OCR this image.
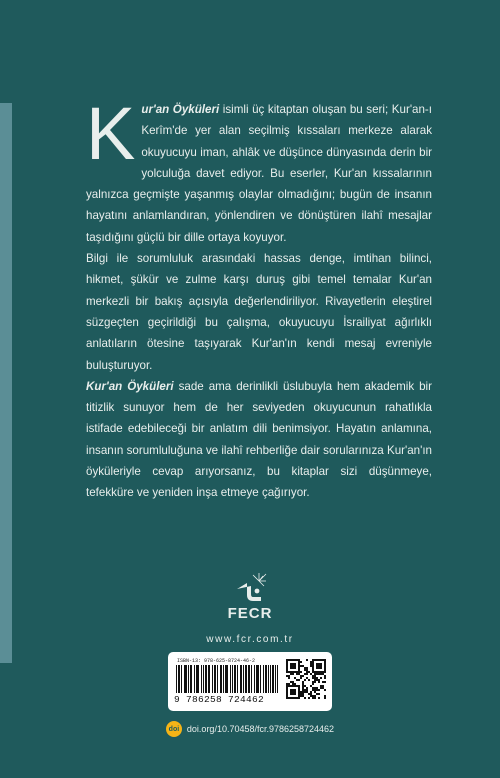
Kur'an Öyküleri isimli üç kitaptan oluşan bu seri; Kur'an-ı Kerîm'de yer alan seçilmiş kıssaları merkeze alarak okuyucuyu iman, ahlâk ve düşünce dünyasında derin bir yolculuğa davet ediyor. Bu eserler, Kur'an kıssalarının yalnızca geçmişte yaşanmış olaylar olmadığını; bugün de insanın hayatını anlamlandıran, yönlendiren ve dönüştüren ilahî mesajlar taşıdığını güçlü bir dille ortaya koyuyor.

Bilgi ile sorumluluk arasındaki hassas denge, imtihan bilinci, hikmet, şükür ve zulme karşı duruş gibi temel temalar Kur'an merkezli bir bakış açısıyla değerlendiriliyor. Rivayetlerin eleştirel süzgeçten geçirildiği bu çalışma, okuyucuyu İsrailiyat ağırlıklı anlatıların ötesine taşıyarak Kur'an'ın kendi mesaj evreniyle buluşturuyor.

Kur'an Öyküleri sade ama derinlikli üslubuyla hem akademik bir titizlik sunuyor hem de her seviyeden okuyucunun rahatlıkla istifade edebileceği bir anlatım dili benimsiyor. Hayatın anlamına, insanın sorumluluğuna ve ilahî rehberliğe dair sorularınıza Kur'an'ın öyküleriyle cevap arıyorsanız, bu kitaplar sizi düşünmeye, tefekküre ve yeniden inşa etmeye çağırıyor.

FECR
www.fcr.com.tr
ISBN-13: 978-625-8724-46-2
9 786258 724462
doi doi.org/10.70458/fcr.9786258724462
